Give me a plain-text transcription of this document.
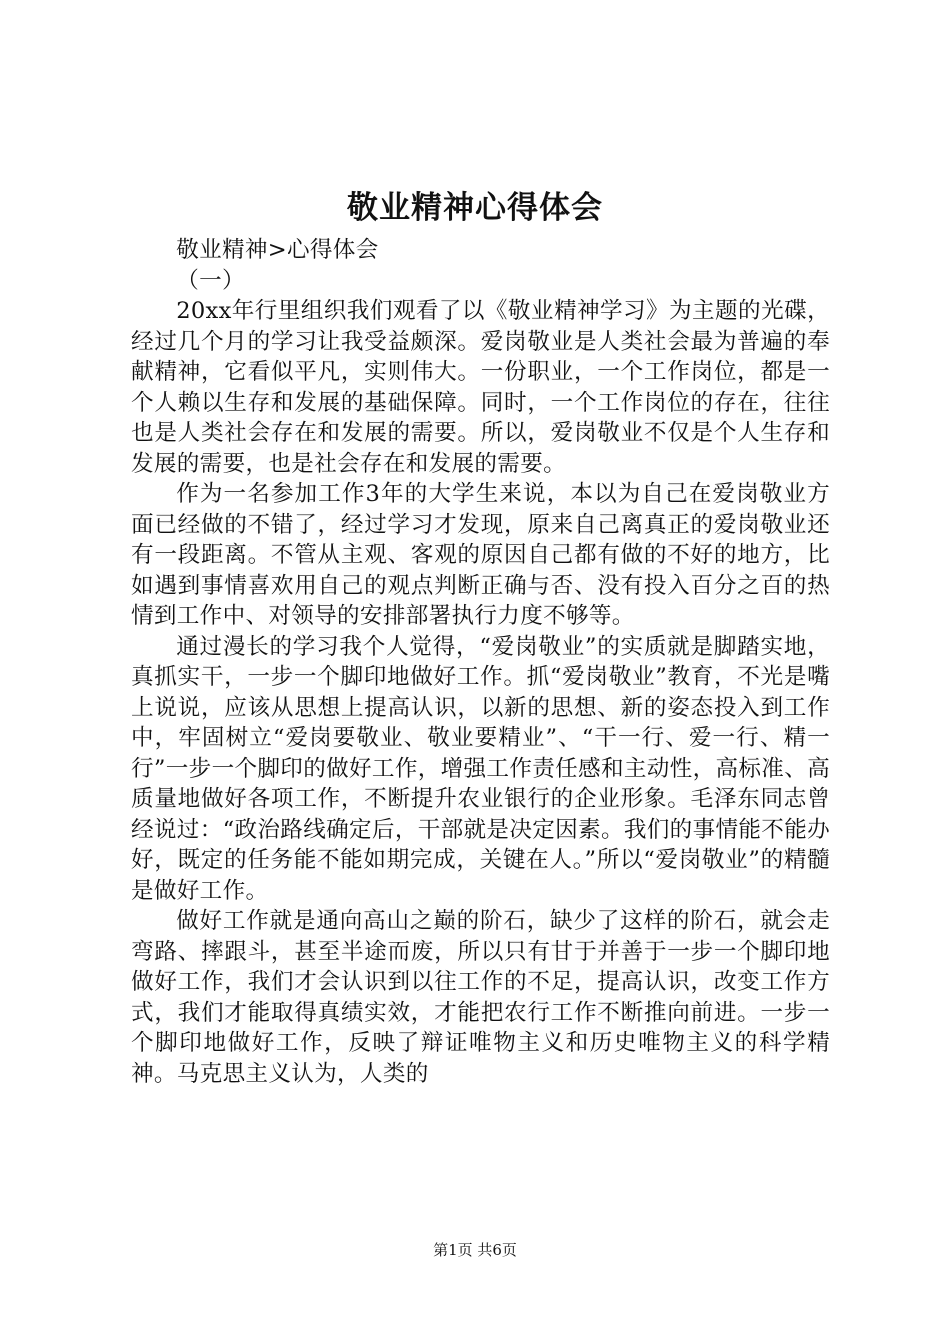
敬业精神心得体会

敬业精神>心得体会

（一）

20xx年行里组织我们观看了以《敬业精神学习》为主题的光碟，经过几个月的学习让我受益颇深。爱岗敬业是人类社会最为普遍的奉献精神，它看似平凡，实则伟大。一份职业，一个工作岗位，都是一个人赖以生存和发展的基础保障。同时，一个工作岗位的存在，往往也是人类社会存在和发展的需要。所以，爱岗敬业不仅是个人生存和发展的需要，也是社会存在和发展的需要。

作为一名参加工作3年的大学生来说，本以为自己在爱岗敬业方面已经做的不错了，经过学习才发现，原来自己离真正的爱岗敬业还有一段距离。不管从主观、客观的原因自己都有做的不好的地方，比如遇到事情喜欢用自己的观点判断正确与否、没有投入百分之百的热情到工作中、对领导的安排部署执行力度不够等。

通过漫长的学习我个人觉得，“爱岗敬业”的实质就是脚踏实地，真抓实干，一步一个脚印地做好工作。抓“爱岗敬业”教育，不光是嘴上说说，应该从思想上提高认识，以新的思想、新的姿态投入到工作中，牢固树立“爱岗要敬业、敬业要精业”、“干一行、爱一行、精一行”一步一个脚印的做好工作，增强工作责任感和主动性，高标准、高质量地做好各项工作，不断提升农业银行的企业形象。毛泽东同志曾经说过：“政治路线确定后，干部就是决定因素。我们的事情能不能办好，既定的任务能不能如期完成，关键在人。”所以“爱岗敬业”的精髓是做好工作。

做好工作就是通向高山之巅的阶石，缺少了这样的阶石，就会走弯路、摔跟斗，甚至半途而废，所以只有甘于并善于一步一个脚印地做好工作，我们才会认识到以往工作的不足，提高认识，改变工作方式，我们才能取得真绩实效，才能把农行工作不断推向前进。一步一个脚印地做好工作，反映了辩证唯物主义和历史唯物主义的科学精神。马克思主义认为，人类的

第1页 共6页
